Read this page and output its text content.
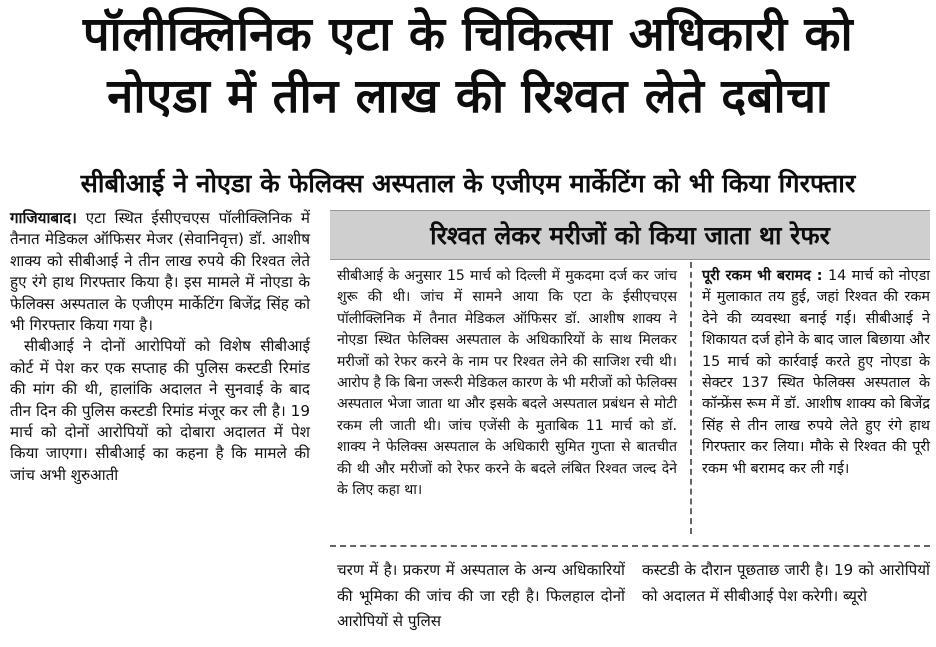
पॉलीक्लिनिक एटा के चिकित्सा अधिकारी को
नोएडा में तीन लाख की रिश्वत लेते दबोचा
सीबीआई ने नोएडा के फेलिक्स अस्पताल के एजीएम मार्केटिंग को भी किया गिरफ्तार

गाजियाबाद। एटा स्थित ईसीएचएस पॉलीक्लिनिक में तैनात मेडिकल ऑफिसर मेजर (सेवानिवृत्त) डॉ. आशीष शाक्य को सीबीआई ने तीन लाख रुपये की रिश्वत लेते हुए रंगे हाथ गिरफ्तार किया है। इस मामले में नोएडा के फेलिक्स अस्पताल के एजीएम मार्केटिंग बिजेंद्र सिंह को भी गिरफ्तार किया गया है।

सीबीआई ने दोनों आरोपियों को विशेष सीबीआई कोर्ट में पेश कर एक सप्ताह की पुलिस कस्टडी रिमांड की मांग की थी, हालांकि अदालत ने सुनवाई के बाद तीन दिन की पुलिस कस्टडी रिमांड मंजूर कर ली है। 19 मार्च को दोनों आरोपियों को दोबारा अदालत में पेश किया जाएगा। सीबीआई का कहना है कि मामले की जांच अभी शुरुआती

रिश्वत लेकर मरीजों को किया जाता था रेफर

सीबीआई के अनुसार 15 मार्च को दिल्ली में मुकदमा दर्ज कर जांच शुरू की थी। जांच में सामने आया कि एटा के ईसीएचएस पॉलीक्लिनिक में तैनात मेडिकल ऑफिसर डॉ. आशीष शाक्य ने नोएडा स्थित फेलिक्स अस्पताल के अधिकारियों के साथ मिलकर मरीजों को रेफर करने के नाम पर रिश्वत लेने की साजिश रची थी। आरोप है कि बिना जरूरी मेडिकल कारण के भी मरीजों को फेलिक्स अस्पताल भेजा जाता था और इसके बदले अस्पताल प्रबंधन से मोटी रकम ली जाती थी। जांच एजेंसी के मुताबिक 11 मार्च को डॉ. शाक्य ने फेलिक्स अस्पताल के अधिकारी सुमित गुप्ता से बातचीत की थी और मरीजों को रेफर करने के बदले लंबित रिश्वत जल्द देने के लिए कहा था।

पूरी रकम भी बरामद : 14 मार्च को नोएडा में मुलाकात तय हुई, जहां रिश्वत की रकम देने की व्यवस्था बनाई गई। सीबीआई ने शिकायत दर्ज होने के बाद जाल बिछाया और 15 मार्च को कार्रवाई करते हुए नोएडा के सेक्टर 137 स्थित फेलिक्स अस्पताल के कॉन्फ्रेंस रूम में डॉ. आशीष शाक्य को बिजेंद्र सिंह से तीन लाख रुपये लेते हुए रंगे हाथ गिरफ्तार कर लिया। मौके से रिश्वत की पूरी रकम भी बरामद कर ली गई।

चरण में है। प्रकरण में अस्पताल के अन्य अधिकारियों की भूमिका की जांच की जा रही है। फिलहाल दोनों आरोपियों से पुलिस

कस्टडी के दौरान पूछताछ जारी है। 19 को आरोपियों को अदालत में सीबीआई पेश करेगी। ब्यूरो
